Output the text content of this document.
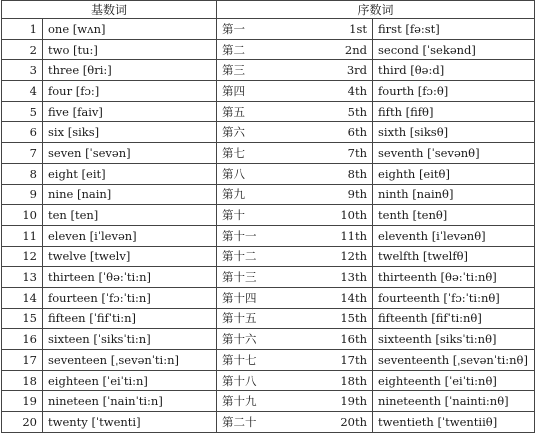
基数词		序数词		
1	one [wʌn]	第一	1st	first [fə:st]
2	two [tu:]	第二	2nd	second [ˈsekənd]
3	three [θri:]	第三	3rd	third [θə:d]
4	four [fɔ:]	第四	4th	fourth [fɔ:θ]
5	five [faiv]	第五	5th	fifth [fifθ]
6	six [siks]	第六	6th	sixth [siksθ]
7	seven [ˈsevən]	第七	7th	seventh [ˈsevənθ]
8	eight [eit]	第八	8th	eighth [eitθ]
9	nine [nain]	第九	9th	ninth [nainθ]
10	ten [ten]	第十	10th	tenth [tenθ]
11	eleven [iˈlevən]	第十一	11th	eleventh [iˈlevənθ]
12	twelve [twelv]	第十二	12th	twelfth [twelfθ]
13	thirteen [ˈθə:ˈti:n]	第十三	13th	thirteenth [θə:ˈti:nθ]
14	fourteen [ˈfɔ:ˈti:n]	第十四	14th	fourteenth [ˈfɔ:ˈti:nθ]
15	fifteen [ˈfifˈti:n]	第十五	15th	fifteenth [fifˈti:nθ]
16	sixteen [ˈsiksˈti:n]	第十六	16th	sixteenth [siksˈti:nθ]
17	seventeen [ˌsevənˈti:n]	第十七	17th	seventeenth [ˌsevənˈti:nθ]
18	eighteen [ˈeiˈti:n]	第十八	18th	eighteenth [ˈeiˈti:nθ]
19	nineteen [ˈnainˈti:n]	第十九	19th	nineteenth [ˈnainti:nθ]
20	twenty [ˈtwenti]	第二十	20th	twentieth [ˈtwentiiθ]
